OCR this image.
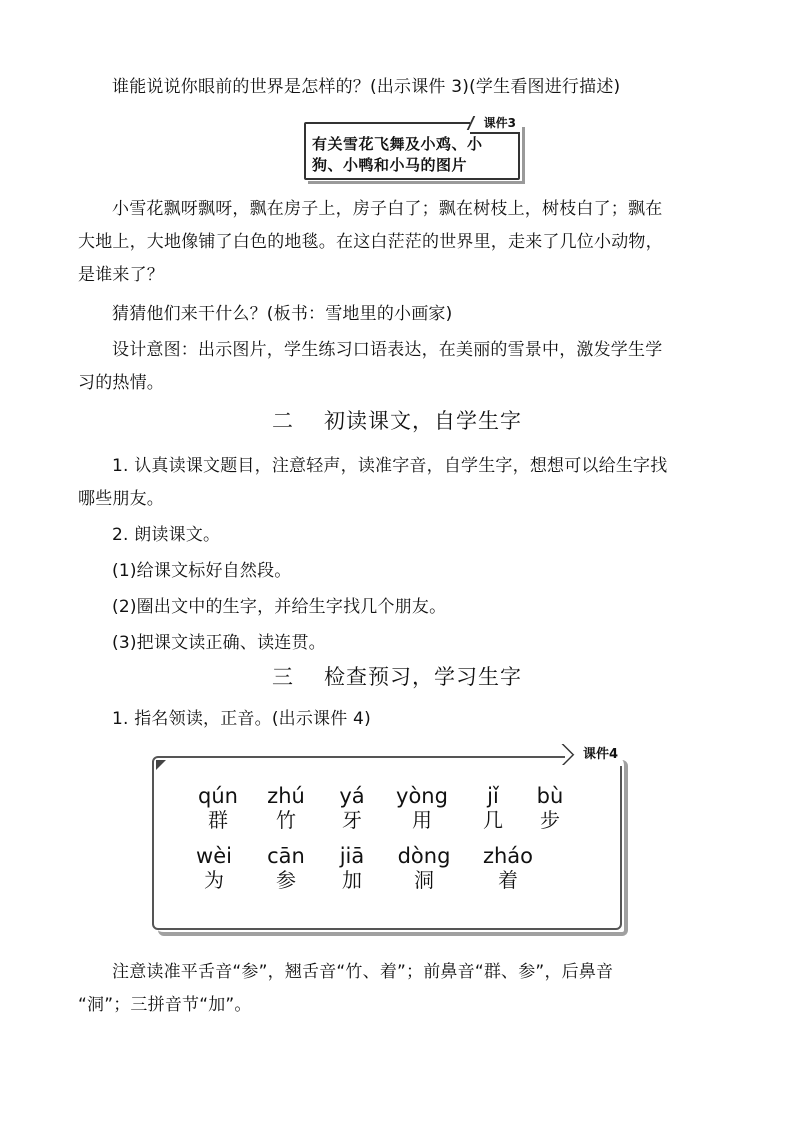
谁能说说你眼前的世界是怎样的？(出示课件 3)(学生看图进行描述)
课件3
有关雪花飞舞及小鸡、小
狗、小鸭和小马的图片
小雪花飘呀飘呀，飘在房子上，房子白了；飘在树枝上，树枝白了；飘在
大地上，大地像铺了白色的地毯。在这白茫茫的世界里，走来了几位小动物，
是谁来了？
猜猜他们来干什么？(板书：雪地里的小画家)
设计意图：出示图片，学生练习口语表达，在美丽的雪景中，激发学生学
习的热情。
二 初读课文，自学生字
1. 认真读课文题目，注意轻声，读准字音，自学生字，想想可以给生字找
哪些朋友。
2. 朗读课文。
(1)给课文标好自然段。
(2)圈出文中的生字，并给生字找几个朋友。
(3)把课文读正确、读连贯。
三 检查预习，学习生字
1. 指名领读，正音。(出示课件 4)
课件4
qún
群
zhú
竹
yá
牙
yòng
用
jǐ
几
bù
步
wèi
为
cān
参
jiā
加
dòng
洞
zháo
着
注意读准平舌音“参”，翘舌音“竹、着”；前鼻音“群、参”，后鼻音
“洞”；三拼音节“加”。
